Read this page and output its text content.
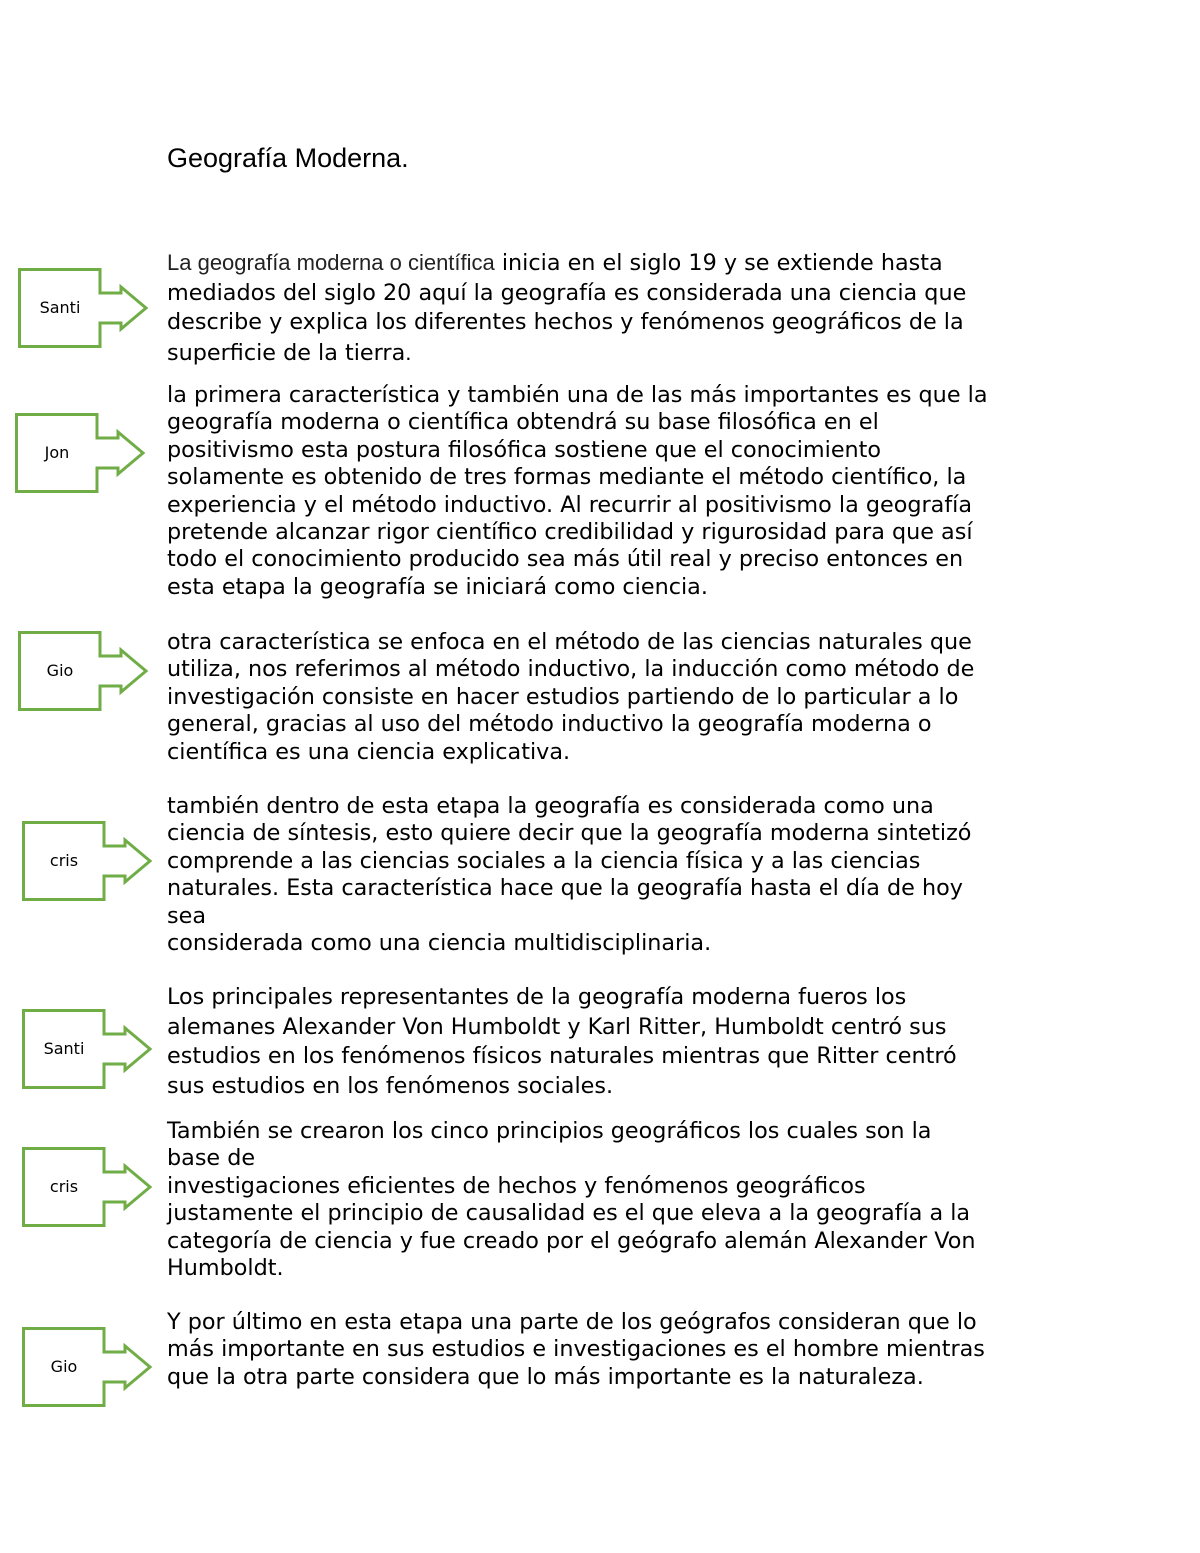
Geografía Moderna.
Santi
La geografía moderna o científica inicia en el siglo 19 y se extiende hasta
mediados del siglo 20 aquí la geografía es considerada una ciencia que
describe y explica los diferentes hechos y fenómenos geográficos de la
superficie de la tierra.
Jon
la primera característica y también una de las más importantes es que la
geografía moderna o científica obtendrá su base filosófica en el
positivismo esta postura filosófica sostiene que el conocimiento
solamente es obtenido de tres formas mediante el método científico, la
experiencia y el método inductivo. Al recurrir al positivismo la geografía
pretende alcanzar rigor científico credibilidad y rigurosidad para que así
todo el conocimiento producido sea más útil real y preciso entonces en
esta etapa la geografía se iniciará como ciencia.
Gio
otra característica se enfoca en el método de las ciencias naturales que
utiliza, nos referimos al método inductivo, la inducción como método de
investigación consiste en hacer estudios partiendo de lo particular a lo
general, gracias al uso del método inductivo la geografía moderna o
científica es una ciencia explicativa.
cris
también dentro de esta etapa la geografía es considerada como una
ciencia de síntesis, esto quiere decir que la geografía moderna sintetizó
comprende a las ciencias sociales a la ciencia física y a las ciencias
naturales. Esta característica hace que la geografía hasta el día de hoy
sea
considerada como una ciencia multidisciplinaria.
Santi
Los principales representantes de la geografía moderna fueros los
alemanes Alexander Von Humboldt y Karl Ritter, Humboldt centró sus
estudios en los fenómenos físicos naturales mientras que Ritter centró
sus estudios en los fenómenos sociales.
cris
También se crearon los cinco principios geográficos los cuales son la
base de
investigaciones eficientes de hechos y fenómenos geográficos
justamente el principio de causalidad es el que eleva a la geografía a la
categoría de ciencia y fue creado por el geógrafo alemán Alexander Von
Humboldt.
Gio
Y por último en esta etapa una parte de los geógrafos consideran que lo
más importante en sus estudios e investigaciones es el hombre mientras
que la otra parte considera que lo más importante es la naturaleza.
